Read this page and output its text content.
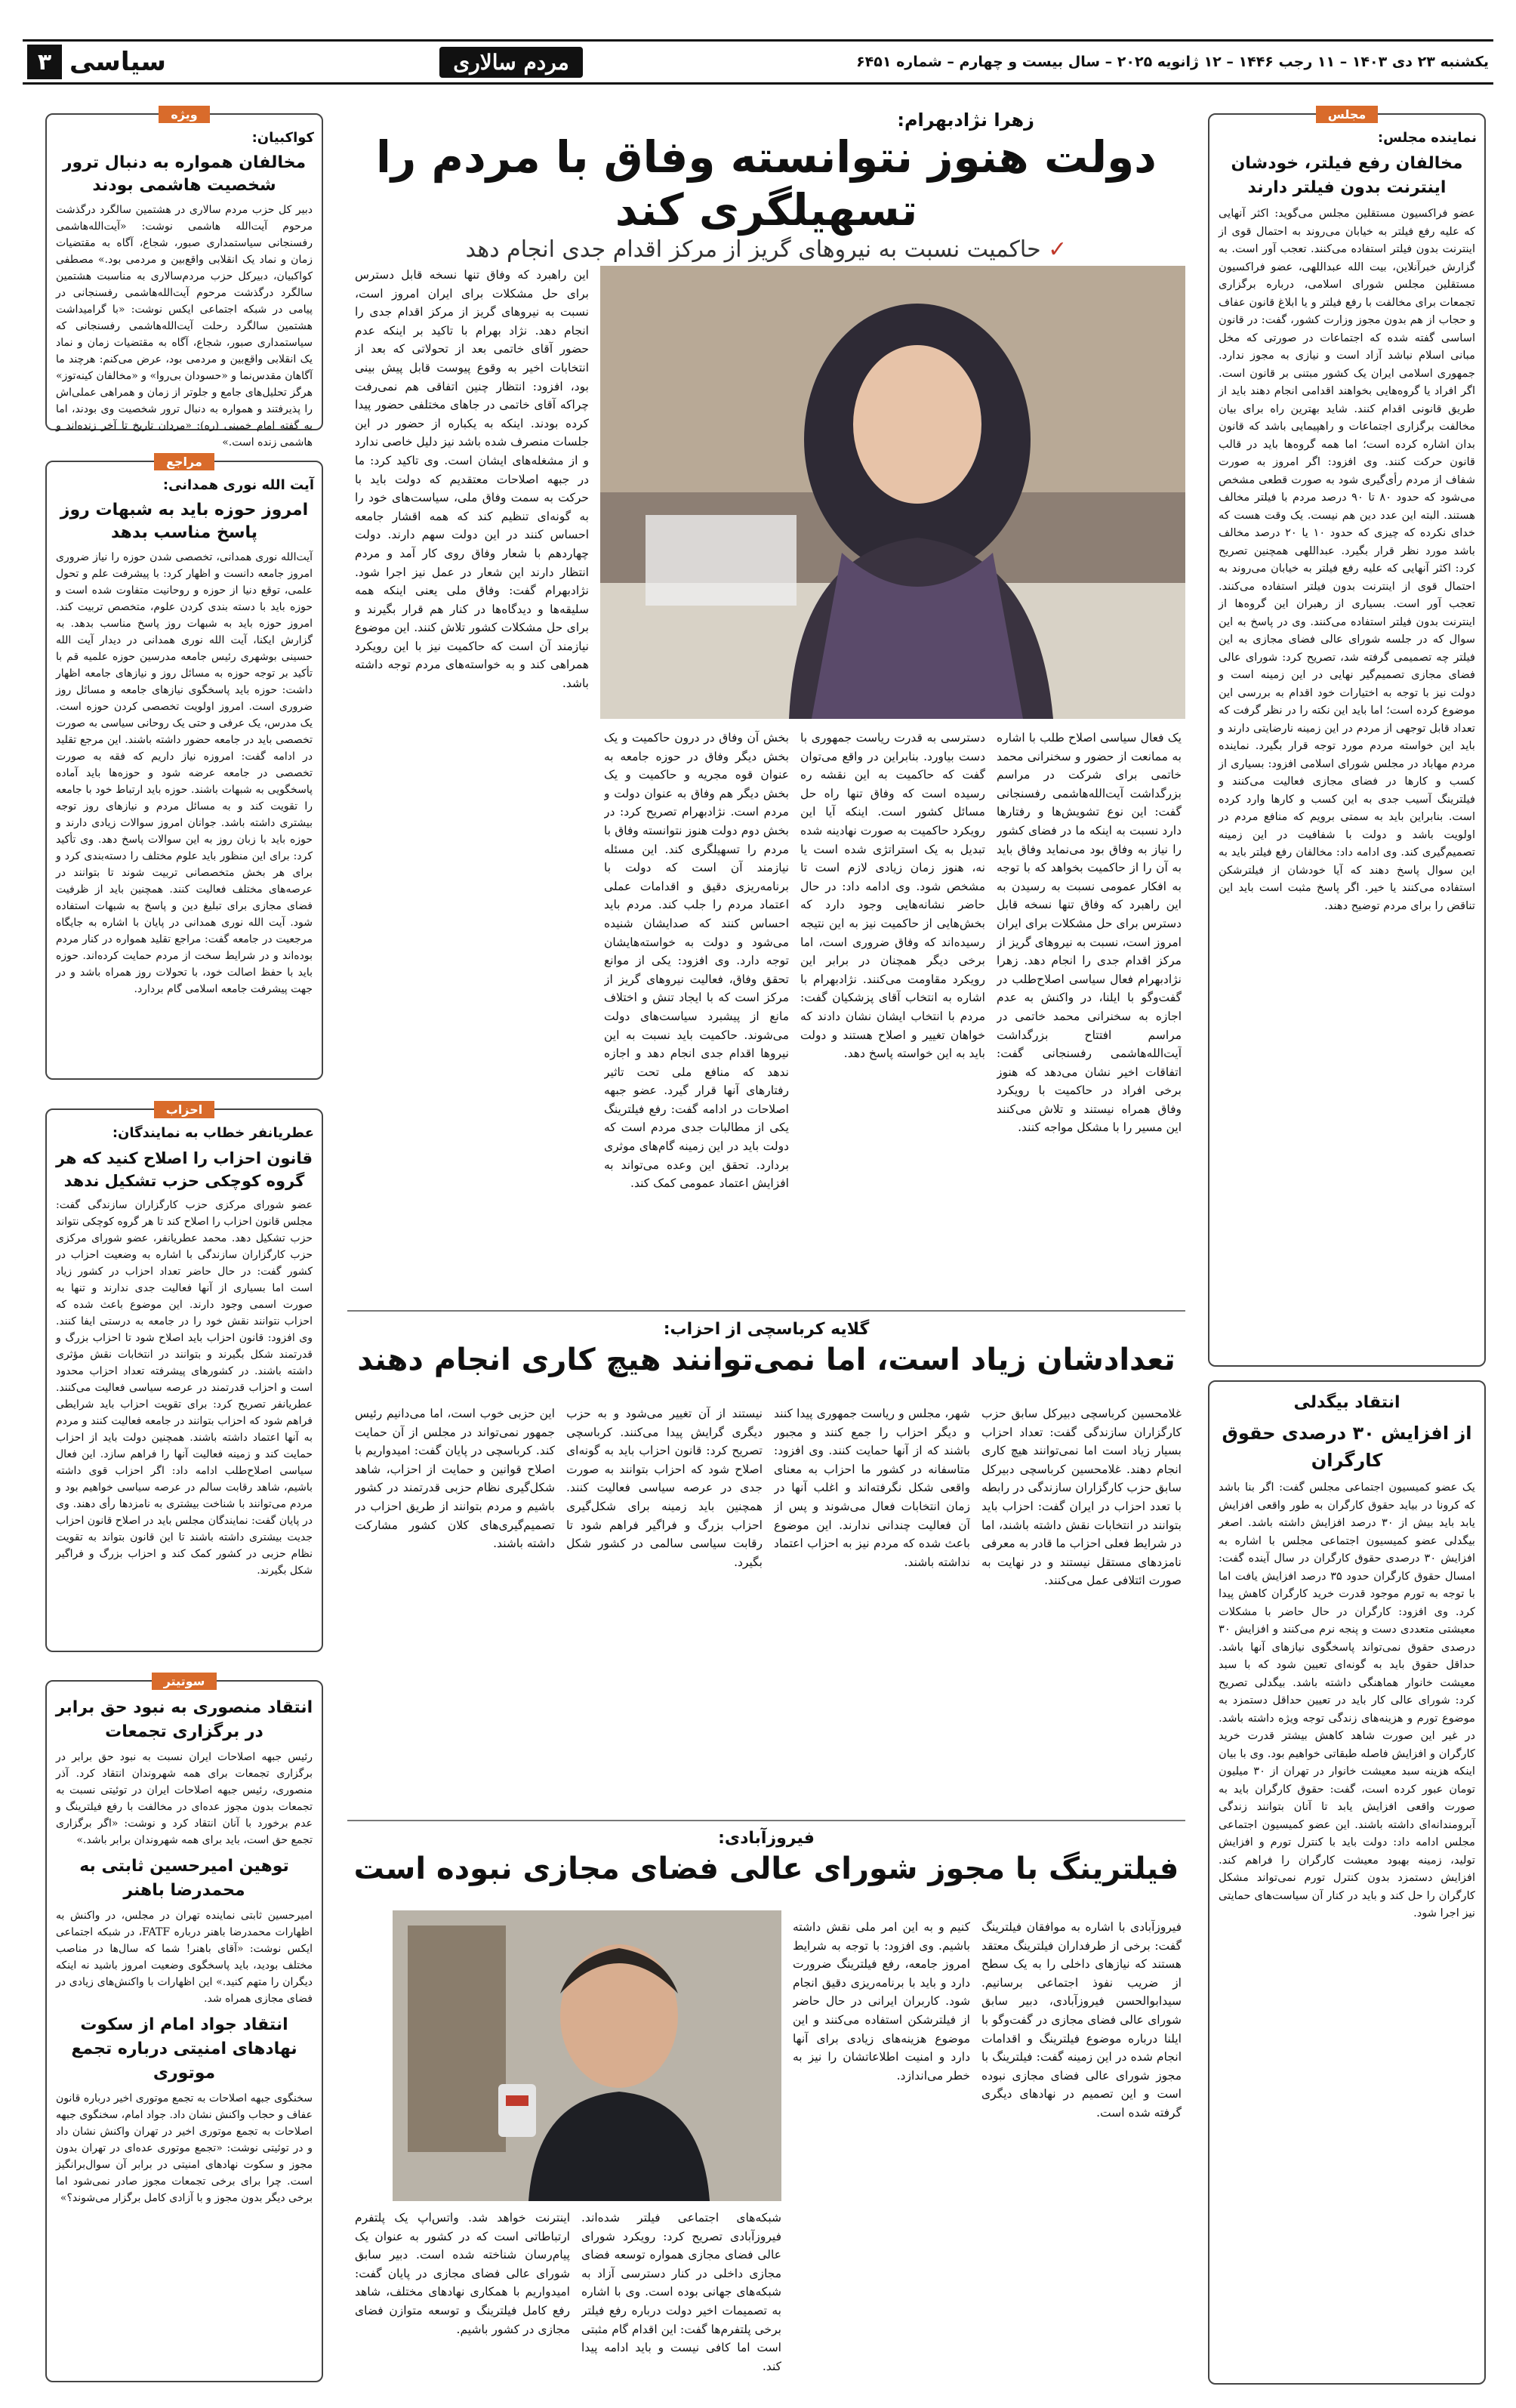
یکشنبه ۲۳ دی ۱۴۰۳ – ۱۱ رجب ۱۴۴۶ – ۱۲ ژانویه ۲۰۲۵ – سال بیست و چهارم – شماره ۶۴۵۱
مردم سالاری
سیاسی
۳
مجلس
نماینده مجلس:
مخالفان رفع فیلتر، خودشان اینترنت بدون فیلتر دارند
عضو فراکسیون مستقلین مجلس می‌گوید: اکثر آنهایی که علیه رفع فیلتر به خیابان می‌روند به احتمال قوی از اینترنت بدون فیلتر استفاده می‌کنند. تعجب آور است. به گزارش خبرآنلاین، بیت الله عبداللهی، عضو فراکسیون مستقلین مجلس شورای اسلامی، درباره برگزاری تجمعات برای مخالفت با رفع فیلتر و یا ابلاغ قانون عفاف و حجاب از هم بدون مجوز وزارت کشور، گفت: در قانون اساسی گفته شده که اجتماعات در صورتی که مخل مبانی اسلام نباشد آزاد است و نیازی به مجوز ندارد. جمهوری اسلامی ایران یک کشور مبتنی بر قانون است. اگر افراد یا گروه‌هایی بخواهند اقدامی انجام دهند باید از طریق قانونی اقدام کنند. شاید بهترین راه برای بیان مخالفت برگزاری اجتماعات و راهپیمایی باشد که قانون بدان اشاره کرده است؛ اما همه گروه‌ها باید در قالب قانون حرکت کنند. وی افزود: اگر امروز به صورت شفاف از مردم رأی‌گیری شود به صورت قطعی مشخص می‌شود که حدود ۸۰ تا ۹۰ درصد مردم با فیلتر مخالف هستند. البته این عدد دین هم نیست. یک وقت هست که خدای نکرده که چیزی که حدود ۱۰ یا ۲۰ درصد مخالف باشد مورد نظر قرار بگیرد. عبداللهی همچنین تصریح کرد: اکثر آنهایی که علیه رفع فیلتر به خیابان می‌روند به احتمال قوی از اینترنت بدون فیلتر استفاده می‌کنند. تعجب آور است. بسیاری از رهبران این گروه‌ها از اینترنت بدون فیلتر استفاده می‌کنند. وی در پاسخ به این سوال که در جلسه شورای عالی فضای مجازی به این فیلتر چه تصمیمی گرفته شد، تصریح کرد: شورای عالی فضای مجازی تصمیم‌گیر نهایی در این زمینه است و دولت نیز با توجه به اختیارات خود اقدام به بررسی این موضوع کرده است؛ اما باید این نکته را در نظر گرفت که تعداد قابل توجهی از مردم در این زمینه نارضایتی دارند و باید این خواسته مردم مورد توجه قرار بگیرد. نماینده مردم مهاباد در مجلس شورای اسلامی افزود: بسیاری از کسب و کارها در فضای مجازی فعالیت می‌کنند و فیلترینگ آسیب جدی به این کسب و کارها وارد کرده است. بنابراین باید به سمتی برویم که منافع مردم در اولویت باشد و دولت با شفافیت در این زمینه تصمیم‌گیری کند. وی ادامه داد: مخالفان رفع فیلتر باید به این سوال پاسخ دهند که آیا خودشان از فیلترشکن استفاده می‌کنند یا خیر. اگر پاسخ مثبت است باید این تناقض را برای مردم توضیح دهند.
انتقاد بیگدلی
از افزایش ۳۰ درصدی حقوق کارگران
یک عضو کمیسیون اجتماعی مجلس گفت: اگر بنا باشد که کرونا در بیاید حقوق کارگران به طور واقعی افزایش یابد باید بیش از ۳۰ درصد افزایش داشته باشد. اصغر بیگدلی عضو کمیسیون اجتماعی مجلس با اشاره به افزایش ۳۰ درصدی حقوق کارگران در سال آینده گفت: امسال حقوق کارگران حدود ۳۵ درصد افزایش یافت اما با توجه به تورم موجود قدرت خرید کارگران کاهش پیدا کرد. وی افزود: کارگران در حال حاضر با مشکلات معیشتی متعددی دست و پنجه نرم می‌کنند و افزایش ۳۰ درصدی حقوق نمی‌تواند پاسخگوی نیازهای آنها باشد. حداقل حقوق باید به گونه‌ای تعیین شود که با سبد معیشت خانوار هماهنگی داشته باشد. بیگدلی تصریح کرد: شورای عالی کار باید در تعیین حداقل دستمزد به موضوع تورم و هزینه‌های زندگی توجه ویژه داشته باشد. در غیر این صورت شاهد کاهش بیشتر قدرت خرید کارگران و افزایش فاصله طبقاتی خواهیم بود. وی با بیان اینکه هزینه سبد معیشت خانوار در تهران از ۳۰ میلیون تومان عبور کرده است، گفت: حقوق کارگران باید به صورت واقعی افزایش یابد تا آنان بتوانند زندگی آبرومندانه‌ای داشته باشند. این عضو کمیسیون اجتماعی مجلس ادامه داد: دولت باید با کنترل تورم و افزایش تولید، زمینه بهبود معیشت کارگران را فراهم کند. افزایش دستمزد بدون کنترل تورم نمی‌تواند مشکل کارگران را حل کند و باید در کنار آن سیاست‌های حمایتی نیز اجرا شود.
ویژه
کواکبیان:
مخالفان همواره به دنبال ترور شخصیت هاشمی بودند
دبیر کل حزب مردم سالاری در هشتمین سالگرد درگذشت مرحوم آیت‌الله هاشمی نوشت: «آیت‌الله‌هاشمی رفسنجانی سیاستمداری صبور، شجاع، آگاه به مقتضیات زمان و نماد یک انقلابی واقع‌بین و مردمی بود.» مصطفی کواکبیان، دبیرکل حزب مردم‌سالاری به مناسبت هشتمین سالگرد درگذشت مرحوم آیت‌الله‌هاشمی رفسنجانی در پیامی در شبکه اجتماعی ایکس نوشت: «با گرامیداشت هشتمین سالگرد رحلت آیت‌الله‌هاشمی رفسنجانی که سیاستمداری صبور، شجاع، آگاه به مقتضیات زمان و نماد یک انقلابی واقع‌بین و مردمی بود، عرض می‌کنم: هرچند ما آگاهان مقدس‌نما و «حسودان بی‌روا» و «مخالفان کینه‌توز» هرگز تحلیل‌های جامع و جلوتر از زمان و همراهی عملی‌اش را پذیرفتند و همواره به دنبال ترور شخصیت وی بودند، اما به گفته امام خمینی (ره): «مردان تاریخ تا آخر زنده‌اند و هاشمی زنده است.»
مراجع
آیت الله نوری همدانی:
امروز حوزه باید به شبهات روز پاسخ مناسب بدهد
آیت‌الله نوری همدانی، تخصصی شدن حوزه را نیاز ضروری امروز جامعه دانست و اظهار کرد: با پیشرفت علم و تحول علمی، توقع دنیا از حوزه و روحانیت متفاوت شده است و حوزه باید با دسته بندی کردن علوم، متخصص تربیت کند. امروز حوزه باید به شبهات روز پاسخ مناسب بدهد. به گزارش ایکنا، آیت الله نوری همدانی در دیدار آیت الله حسینی بوشهری رئیس جامعه مدرسین حوزه علمیه قم با تأکید بر توجه حوزه به مسائل روز و نیازهای جامعه اظهار داشت: حوزه باید پاسخگوی نیازهای جامعه و مسائل روز ضروری است. امروز اولویت تخصصی کردن حوزه است. یک مدرس، یک عرفی و حتی یک روحانی سیاسی به صورت تخصصی باید در جامعه حضور داشته باشند. این مرجع تقلید در ادامه گفت: امروزه نیاز داریم که فقه به صورت تخصصی در جامعه عرضه شود و حوزه‌ها باید آماده پاسخگویی به شبهات باشند. حوزه باید ارتباط خود با جامعه را تقویت کند و به مسائل مردم و نیازهای روز توجه بیشتری داشته باشد. جوانان امروز سوالات زیادی دارند و حوزه باید با زبان روز به این سوالات پاسخ دهد. وی تأکید کرد: برای این منظور باید علوم مختلف را دسته‌بندی کرد و برای هر بخش متخصصانی تربیت شوند تا بتوانند در عرصه‌های مختلف فعالیت کنند. همچنین باید از ظرفیت فضای مجازی برای تبلیغ دین و پاسخ به شبهات استفاده شود. آیت الله نوری همدانی در پایان با اشاره به جایگاه مرجعیت در جامعه گفت: مراجع تقلید همواره در کنار مردم بوده‌اند و در شرایط سخت از مردم حمایت کرده‌اند. حوزه باید با حفظ اصالت خود، با تحولات روز همراه باشد و در جهت پیشرفت جامعه اسلامی گام بردارد.
احزاب
عطریانفر خطاب به نمایندگان:
قانون احزاب را اصلاح کنید که هر گروه کوچکی حزب تشکیل ندهد
عضو شورای مرکزی حزب کارگزاران سازندگی گفت: مجلس قانون احزاب را اصلاح کند تا هر گروه کوچکی نتواند حزب تشکیل دهد. محمد عطریانفر، عضو شورای مرکزی حزب کارگزاران سازندگی با اشاره به وضعیت احزاب در کشور گفت: در حال حاضر تعداد احزاب در کشور زیاد است اما بسیاری از آنها فعالیت جدی ندارند و تنها به صورت اسمی وجود دارند. این موضوع باعث شده که احزاب نتوانند نقش خود را در جامعه به درستی ایفا کنند. وی افزود: قانون احزاب باید اصلاح شود تا احزاب بزرگ و قدرتمند شکل بگیرند و بتوانند در انتخابات نقش مؤثری داشته باشند. در کشورهای پیشرفته تعداد احزاب محدود است و احزاب قدرتمند در عرصه سیاسی فعالیت می‌کنند. عطریانفر تصریح کرد: برای تقویت احزاب باید شرایطی فراهم شود که احزاب بتوانند در جامعه فعالیت کنند و مردم به آنها اعتماد داشته باشند. همچنین دولت باید از احزاب حمایت کند و زمینه فعالیت آنها را فراهم سازد. این فعال سیاسی اصلاح‌طلب ادامه داد: اگر احزاب قوی داشته باشیم، شاهد رقابت سالم در عرصه سیاسی خواهیم بود و مردم می‌توانند با شناخت بیشتری به نامزدها رأی دهند. وی در پایان گفت: نمایندگان مجلس باید در اصلاح قانون احزاب جدیت بیشتری داشته باشند تا این قانون بتواند به تقویت نظام حزبی در کشور کمک کند و احزاب بزرگ و فراگیر شکل بگیرند.
سوتیتر
انتقاد منصوری به نبود حق برابر در برگزاری تجمعات
رئیس جبهه اصلاحات ایران نسبت به نبود حق برابر در برگزاری تجمعات برای همه شهروندان انتقاد کرد. آذر منصوری، رئیس جبهه اصلاحات ایران در توئیتی نسبت به تجمعات بدون مجوز عده‌ای در مخالفت با رفع فیلترینگ و عدم برخورد با آنان انتقاد کرد و نوشت: «اگر برگزاری تجمع حق است، باید برای همه شهروندان برابر باشد.»
توهین امیرحسین ثابتی به محمدرضا باهنر
امیرحسین ثابتی نماینده تهران در مجلس، در واکنش به اظهارات محمدرضا باهنر درباره FATF، در شبکه اجتماعی ایکس نوشت: «آقای باهنر! شما که سال‌ها در مناصب مختلف بودید، باید پاسخگوی وضعیت امروز باشید نه اینکه دیگران را متهم کنید.» این اظهارات با واکنش‌های زیادی در فضای مجازی همراه شد.
انتقاد جواد امام از سکوت نهادهای امنیتی درباره تجمع موتوری
سخنگوی جبهه اصلاحات به تجمع موتوری اخیر درباره قانون عفاف و حجاب واکنش نشان داد. جواد امام، سخنگوی جبهه اصلاحات به تجمع موتوری اخیر در تهران واکنش نشان داد و در توئیتی نوشت: «تجمع موتوری عده‌ای در تهران بدون مجوز و سکوت نهادهای امنیتی در برابر آن سوال‌برانگیز است. چرا برای برخی تجمعات مجوز صادر نمی‌شود اما برخی دیگر بدون مجوز و با آزادی کامل برگزار می‌شوند؟»
زهرا نژادبهرام:
دولت هنوز نتوانسته وفاق با مردم را تسهیلگری کند
✓ حاکمیت نسبت به نیروهای گریز از مرکز اقدام جدی انجام دهد
یک فعال سیاسی اصلاح طلب با اشاره به ممانعت از حضور و سخنرانی محمد خاتمی برای شرکت در مراسم بزرگداشت آیت‌الله‌هاشمی رفسنجانی گفت: این نوع تشویش‌ها و رفتارها دارد نسبت به اینکه ما در فضای کشور را نیاز به وفاق بود می‌نماید وفاق باید به آن را از حاکمیت بخواهد که با توجه به افکار عمومی نسبت به رسیدن به این راهبرد که وفاق تنها نسخه قابل دسترس برای حل مشکلات برای ایران امروز است، نسبت به نیروهای گریز از مرکز اقدام جدی را انجام دهد. زهرا نژادبهرام فعال سیاسی اصلاح‌طلب در گفت‌وگو با ایلنا، در واکنش به عدم اجازه به سخنرانی محمد خاتمی در مراسم افتتاح بزرگداشت آیت‌الله‌هاشمی رفسنجانی گفت: اتفاقات اخیر نشان می‌دهد که هنوز برخی افراد در حاکمیت با رویکرد وفاق همراه نیستند و تلاش می‌کنند این مسیر را با مشکل مواجه کنند.
دسترسی به قدرت ریاست جمهوری با دست بیاورد. بنابراین در واقع می‌توان گفت که حاکمیت به این نقشه ره رسیده است که وفاق تنها راه حل مسائل کشور است. اینکه آیا این رویکرد حاکمیت به صورت نهادینه شده تبدیل به یک استراتژی شده است یا نه، هنوز زمان زیادی لازم است تا مشخص شود. وی ادامه داد: در حال حاضر نشانه‌هایی وجود دارد که بخش‌هایی از حاکمیت نیز به این نتیجه رسیده‌اند که وفاق ضروری است، اما برخی دیگر همچنان در برابر این رویکرد مقاومت می‌کنند. نژادبهرام با اشاره به انتخاب آقای پزشکیان گفت: مردم با انتخاب ایشان نشان دادند که خواهان تغییر و اصلاح هستند و دولت باید به این خواسته پاسخ دهد.
بخش آن وفاق در درون حاکمیت و یک بخش دیگر وفاق در حوزه جامعه به عنوان قوه مجریه و حاکمیت و یک بخش دیگر هم وفاق به عنوان دولت و مردم است. نژادبهرام تصریح کرد: در بخش دوم دولت هنوز نتوانسته وفاق با مردم را تسهیلگری کند. این مسئله نیازمند آن است که دولت با برنامه‌ریزی دقیق و اقدامات عملی اعتماد مردم را جلب کند. مردم باید احساس کنند که صدایشان شنیده می‌شود و دولت به خواسته‌هایشان توجه دارد. وی افزود: یکی از موانع تحقق وفاق، فعالیت نیروهای گریز از مرکز است که با ایجاد تنش و اختلاف مانع از پیشبرد سیاست‌های دولت می‌شوند. حاکمیت باید نسبت به این نیروها اقدام جدی انجام دهد و اجازه ندهد که منافع ملی تحت تاثیر رفتارهای آنها قرار گیرد. عضو جبهه اصلاحات در ادامه گفت: رفع فیلترینگ یکی از مطالبات جدی مردم است که دولت باید در این زمینه گام‌های موثری بردارد. تحقق این وعده می‌تواند به افزایش اعتماد عمومی کمک کند.
این راهبرد که وفاق تنها نسخه قابل دسترس برای حل مشکلات برای ایران امروز است، نسبت به نیروهای گریز از مرکز اقدام جدی را انجام دهد. نژاد بهرام با تاکید بر اینکه عدم حضور آقای خاتمی بعد از تحولاتی که بعد از انتخابات اخیر به وقوع پیوست قابل پیش بینی بود، افزود: انتظار چنین اتفاقی هم نمی‌رفت چراکه آقای خاتمی در جاهای مختلفی حضور پیدا کرده بودند. اینکه به یکباره از حضور در این جلسات منصرف شده باشد نیز دلیل خاصی ندارد و از مشغله‌های ایشان است. وی تاکید کرد: ما در جبهه اصلاحات معتقدیم که دولت باید با حرکت به سمت وفاق ملی، سیاست‌های خود را به گونه‌ای تنظیم کند که همه اقشار جامعه احساس کنند در این دولت سهم دارند. دولت چهاردهم با شعار وفاق روی کار آمد و مردم انتظار دارند این شعار در عمل نیز اجرا شود. نژادبهرام گفت: وفاق ملی یعنی اینکه همه سلیقه‌ها و دیدگاه‌ها در کنار هم قرار بگیرند و برای حل مشکلات کشور تلاش کنند. این موضوع نیازمند آن است که حاکمیت نیز با این رویکرد همراهی کند و به خواسته‌های مردم توجه داشته باشد.
گلایه کرباسچی از احزاب:
تعدادشان زیاد است، اما نمی‌توانند هیچ کاری انجام دهند
غلامحسین کرباسچی دبیرکل سابق حزب کارگزاران سازندگی گفت: تعداد احزاب بسیار زیاد است اما نمی‌توانند هیچ کاری انجام دهند. غلامحسین کرباسچی دبیرکل سابق حزب کارگزاران سازندگی در رابطه با تعدد احزاب در ایران گفت: احزاب باید بتوانند در انتخابات نقش داشته باشند، اما در شرایط فعلی احزاب ما قادر به معرفی نامزدهای مستقل نیستند و در نهایت به صورت ائتلافی عمل می‌کنند.
شهر، مجلس و ریاست جمهوری پیدا کنند و دیگر احزاب را جمع کنند و مجبور باشند که از آنها حمایت کنند. وی افزود: متاسفانه در کشور ما احزاب به معنای واقعی شکل نگرفته‌اند و اغلب آنها در زمان انتخابات فعال می‌شوند و پس از آن فعالیت چندانی ندارند. این موضوع باعث شده که مردم نیز به احزاب اعتماد نداشته باشند.
نیستند از آن تغییر می‌شود و به حزب دیگری گرایش پیدا می‌کنند. کرباسچی تصریح کرد: قانون احزاب باید به گونه‌ای اصلاح شود که احزاب بتوانند به صورت جدی در عرصه سیاسی فعالیت کنند. همچنین باید زمینه برای شکل‌گیری احزاب بزرگ و فراگیر فراهم شود تا رقابت سیاسی سالمی در کشور شکل بگیرد.
این حزبی خوب است، اما می‌دانیم رئیس جمهور نمی‌تواند در مجلس از آن حمایت کند. کرباسچی در پایان گفت: امیدواریم با اصلاح قوانین و حمایت از احزاب، شاهد شکل‌گیری نظام حزبی قدرتمند در کشور باشیم و مردم بتوانند از طریق احزاب در تصمیم‌گیری‌های کلان کشور مشارکت داشته باشند.
فیروزآبادی:
فیلترینگ با مجوز شورای عالی فضای مجازی نبوده است
فیروزآبادی با اشاره به موافقان فیلترینگ گفت: برخی از طرفداران فیلترینگ معتقد هستند که نیازهای داخلی را به یک سطح از ضریب نفوذ اجتماعی برسانیم. سیدابوالحسن فیروزآبادی، دبیر سابق شورای عالی فضای مجازی در گفت‌وگو با ایلنا درباره موضوع فیلترینگ و اقدامات انجام شده در این زمینه گفت: فیلترینگ با مجوز شورای عالی فضای مجازی نبوده است و این تصمیم در نهادهای دیگری گرفته شده است.
کنیم و به این امر ملی نقش داشته باشیم. وی افزود: با توجه به شرایط امروز جامعه، رفع فیلترینگ ضرورت دارد و باید با برنامه‌ریزی دقیق انجام شود. کاربران ایرانی در حال حاضر از فیلترشکن استفاده می‌کنند و این موضوع هزینه‌های زیادی برای آنها دارد و امنیت اطلاعاتشان را نیز به خطر می‌اندازد.
شبکه‌های اجتماعی فیلتر شده‌اند. فیروزآبادی تصریح کرد: رویکرد شورای عالی فضای مجازی همواره توسعه فضای مجازی داخلی در کنار دسترسی آزاد به شبکه‌های جهانی بوده است. وی با اشاره به تصمیمات اخیر دولت درباره رفع فیلتر برخی پلتفرم‌ها گفت: این اقدام گام مثبتی است اما کافی نیست و باید ادامه پیدا کند.
اینترنت خواهد شد. واتس‌اپ یک پلتفرم ارتباطاتی است که در کشور به عنوان یک پیام‌رسان شناخته شده است. دبیر سابق شورای عالی فضای مجازی در پایان گفت: امیدواریم با همکاری نهادهای مختلف، شاهد رفع کامل فیلترینگ و توسعه متوازن فضای مجازی در کشور باشیم.
